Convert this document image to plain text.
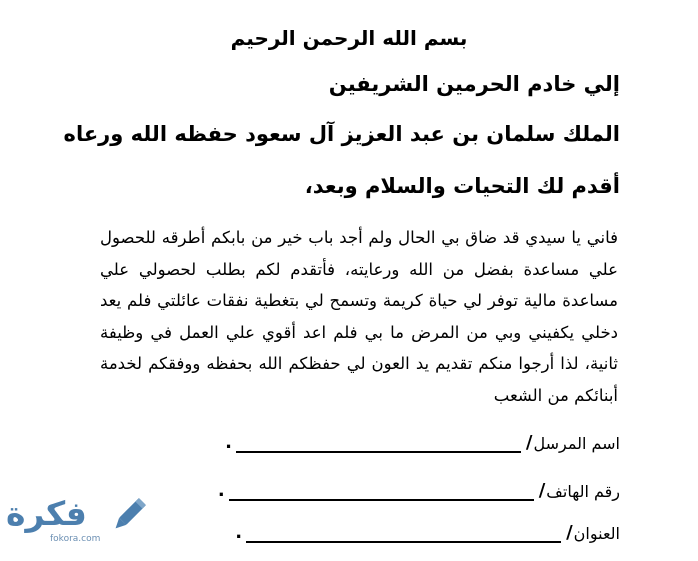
بسم الله الرحمن الرحيم
إلي خادم الحرمين الشريفين
الملك سلمان بن عبد العزيز آل سعود حفظه الله ورعاه
أقدم لك التحيات والسلام وبعد،
فاني يا سيدي قد ضاق بي الحال ولم أجد باب خير من بابكم أطرقه للحصول علي مساعدة بفضل من الله ورعايته، فأتقدم لكم بطلب لحصولي علي مساعدة مالية توفر لي حياة كريمة وتسمح لي بتغطية نفقات عائلتي فلم يعد دخلي يكفيني وبي من المرض ما بي فلم اعد أقوي علي العمل في وظيفة ثانية، لذا أرجوا منكم تقديم يد العون لي حفظكم الله بحفظه ووفقكم لخدمة أبنائكم من الشعب
اسم المرسل
/
.
رقم الهاتف
/
.
العنوان
/
.
فكرة
fokora.com
